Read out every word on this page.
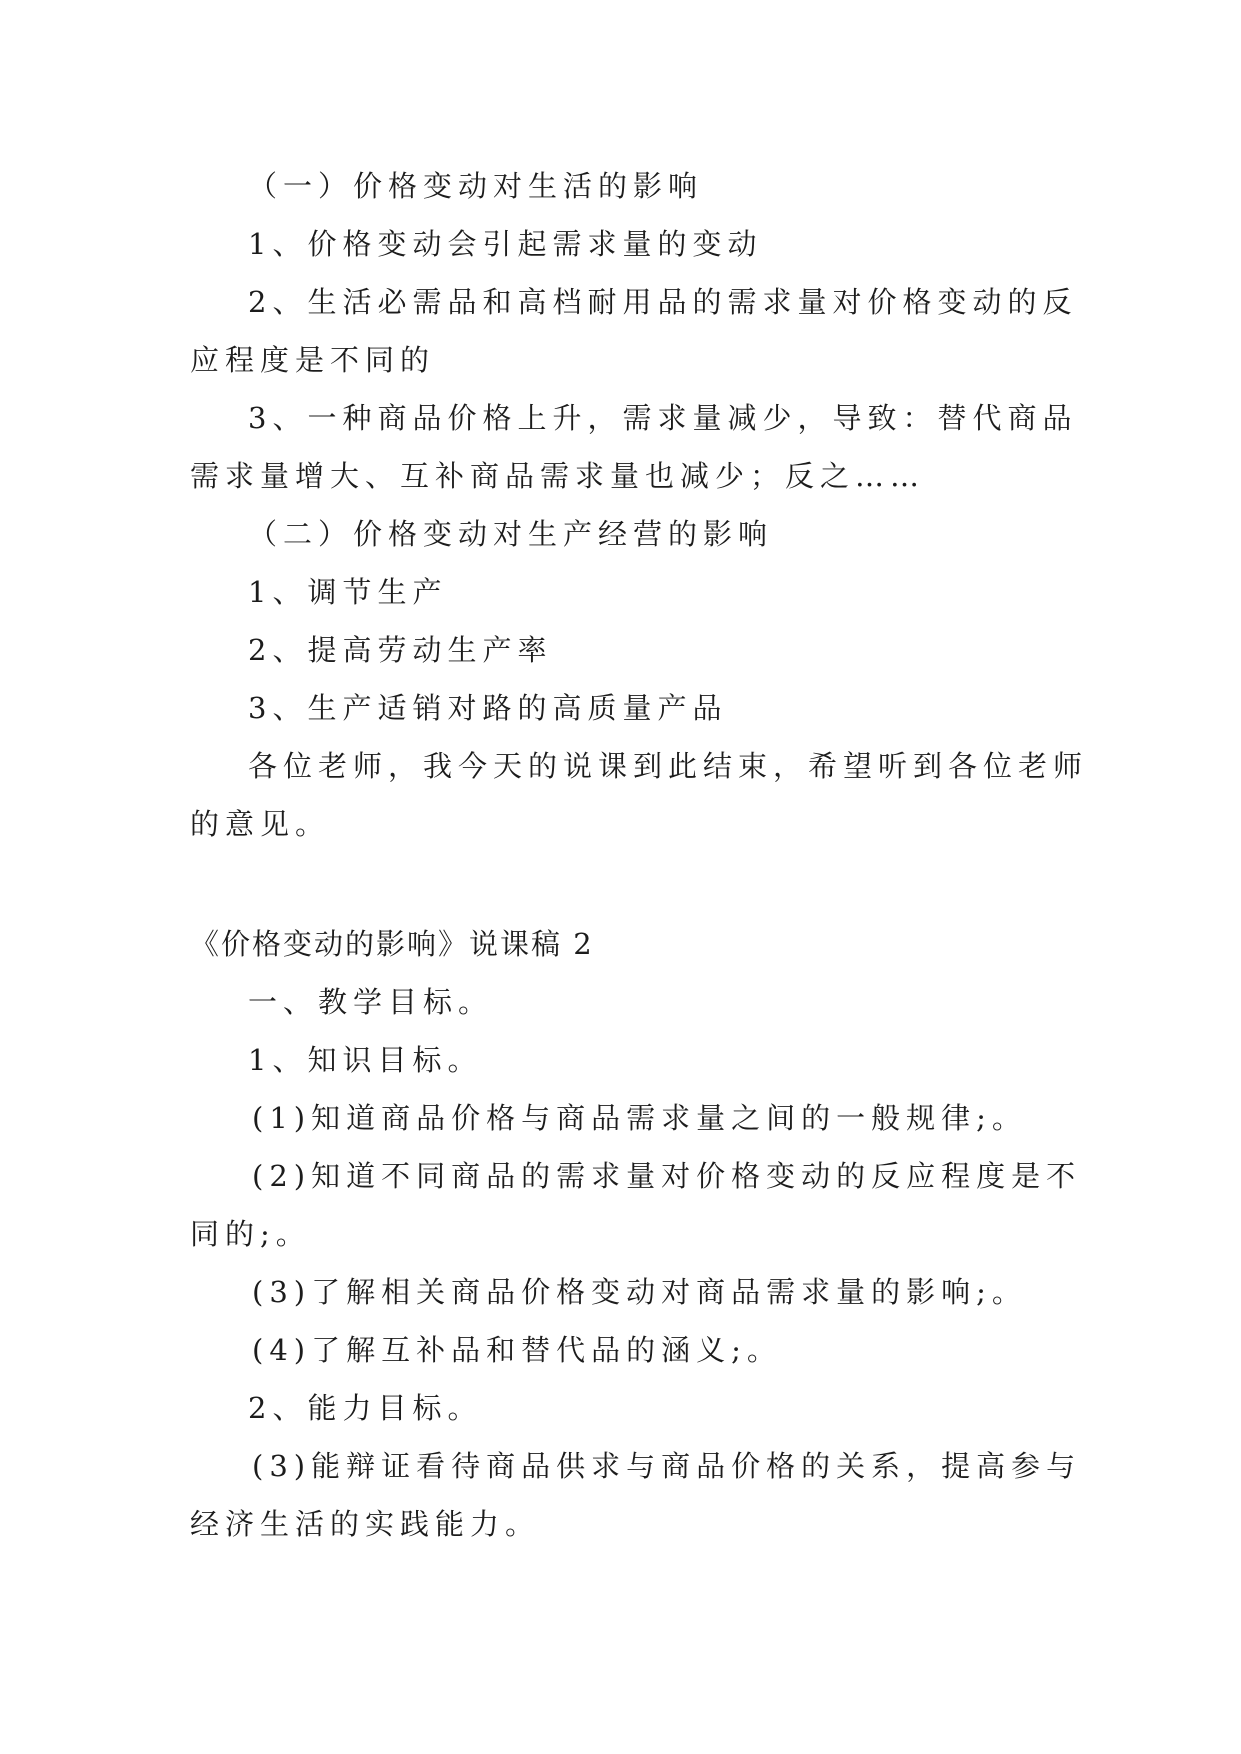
（一）价格变动对生活的影响

1、价格变动会引起需求量的变动

2、生活必需品和高档耐用品的需求量对价格变动的反

应程度是不同的

3、一种商品价格上升，需求量减少，导致：替代商品

需求量增大、互补商品需求量也减少；反之……

（二）价格变动对生产经营的影响

1、调节生产

2、提高劳动生产率

3、生产适销对路的高质量产品

各位老师，我今天的说课到此结束，希望听到各位老师

的意见。

《价格变动的影响》说课稿 2

一、教学目标。

1、知识目标。

(1)知道商品价格与商品需求量之间的一般规律;。

(2)知道不同商品的需求量对价格变动的反应程度是不

同的;。

(3)了解相关商品价格变动对商品需求量的影响;。

(4)了解互补品和替代品的涵义;。

2、能力目标。

(3)能辩证看待商品供求与商品价格的关系，提高参与

经济生活的实践能力。
